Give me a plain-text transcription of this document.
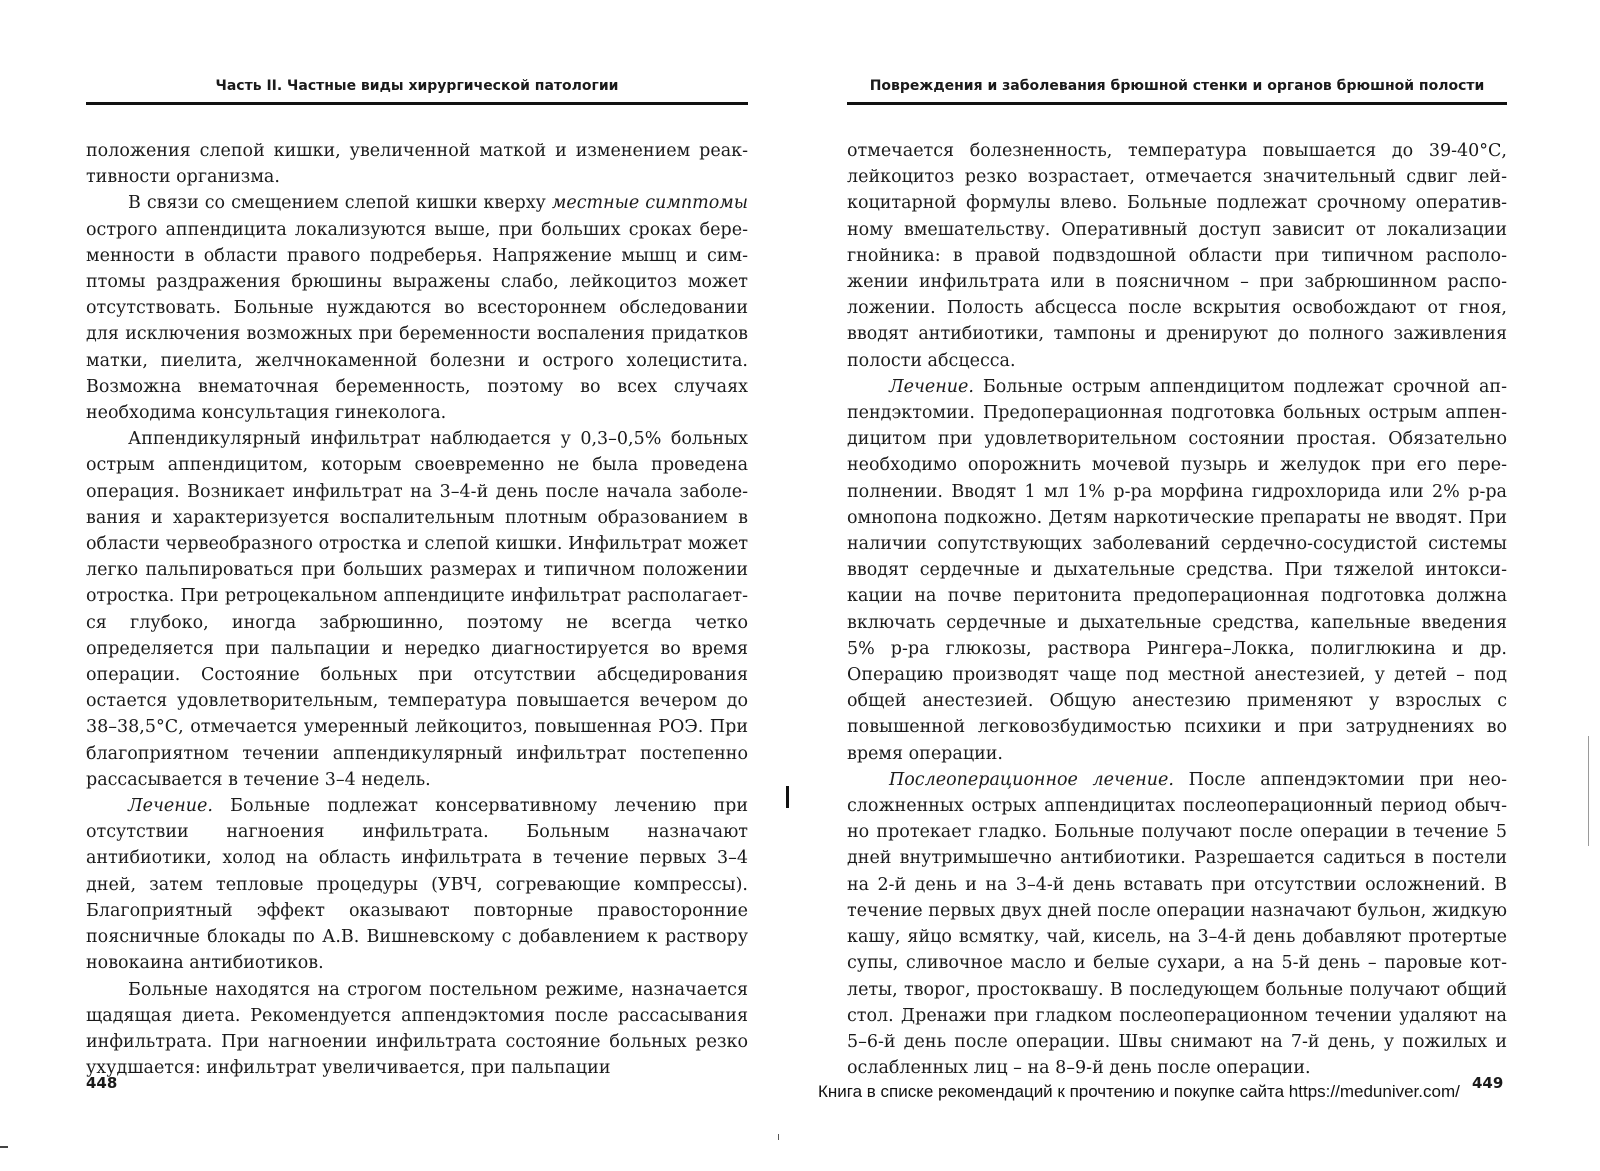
Часть II. Частные виды хирургической патологии

положения слепой кишки, увеличенной маткой и изменением реактивности организма.

В связи со смещением слепой кишки кверху местные симптомы острого аппендицита локализуются выше, при больших сроках беременности в области правого подреберья. Напряжение мышц и симптомы раздражения брюшины выражены слабо, лейкоцитоз может отсутствовать. Больные нуждаются во всестороннем обследовании для исключения возможных при беременности воспаления придатков матки, пиелита, желчнокаменной болезни и острого холецистита. Возможна внематочная беременность, поэтому во всех случаях необходима консультация гинеколога.

Аппендикулярный инфильтрат наблюдается у 0,3–0,5% больных острым аппендицитом, которым своевременно не была проведена операция. Возникает инфильтрат на 3–4-й день после начала заболевания и характеризуется воспалительным плотным образованием в области червеобразного отростка и слепой кишки. Инфильтрат может легко пальпироваться при больших размерах и типичном положении отростка. При ретроцекальном аппендиците инфильтрат располагается глубоко, иногда забрюшинно, поэтому не всегда четко определяется при пальпации и нередко диагностируется во время операции. Состояние больных при отсутствии абсцедирования остается удовлетворительным, температура повышается вечером до 38–38,5°С, отмечается умеренный лейкоцитоз, повышенная РОЭ. При благоприятном течении аппендикулярный инфильтрат постепенно рассасывается в течение 3–4 недель.

Лечение. Больные подлежат консервативному лечению при отсутствии нагноения инфильтрата. Больным назначают антибиотики, холод на область инфильтрата в течение первых 3–4 дней, затем тепловые процедуры (УВЧ, согревающие компрессы). Благоприятный эффект оказывают повторные правосторонние поясничные блокады по А.В. Вишневскому с добавлением к раствору новокаина антибиотиков.

Больные находятся на строгом постельном режиме, назначается щадящая диета. Рекомендуется аппендэктомия после рассасывания инфильтрата. При нагноении инфильтрата состояние больных резко ухудшается: инфильтрат увеличивается, при пальпации

448
Повреждения и заболевания брюшной стенки и органов брюшной полости

отмечается болезненность, температура повышается до 39-40°С, лейкоцитоз резко возрастает, отмечается значительный сдвиг лейкоцитарной формулы влево. Больные подлежат срочному оперативному вмешательству. Оперативный доступ зависит от локализации гнойника: в правой подвздошной области при типичном расположении инфильтрата или в поясничном – при забрюшинном расположении. Полость абсцесса после вскрытия освобождают от гноя, вводят антибиотики, тампоны и дренируют до полного заживления полости абсцесса.

Лечение. Больные острым аппендицитом подлежат срочной аппендэктомии. Предоперационная подготовка больных острым аппендицитом при удовлетворительном состоянии простая. Обязательно необходимо опорожнить мочевой пузырь и желудок при его переполнении. Вводят 1 мл 1% р-ра морфина гидрохлорида или 2% р-ра омнопона подкожно. Детям наркотические препараты не вводят. При наличии сопутствующих заболеваний сердечно-сосудистой системы вводят сердечные и дыхательные средства. При тяжелой интоксикации на почве перитонита предоперационная подготовка должна включать сердечные и дыхательные средства, капельные введения 5% р-ра глюкозы, раствора Рингера–Локка, полиглюкина и др. Операцию производят чаще под местной анестезией, у детей – под общей анестезией. Общую анестезию применяют у взрослых с повышенной легковозбудимостью психики и при затруднениях во время операции.

Послеоперационное лечение. После аппендэктомии при неосложненных острых аппендицитах послеоперационный период обычно протекает гладко. Больные получают после операции в течение 5 дней внутримышечно антибиотики. Разрешается садиться в постели на 2-й день и на 3–4-й день вставать при отсутствии осложнений. В течение первых двух дней после операции назначают бульон, жидкую кашу, яйцо всмятку, чай, кисель, на 3–4-й день добавляют протертые супы, сливочное масло и белые сухари, а на 5-й день – паровые котлеты, творог, простоквашу. В последующем больные получают общий стол. Дренажи при гладком послеоперационном течении удаляют на 5–6-й день после операции. Швы снимают на 7-й день, у пожилых и ослабленных лиц – на 8–9-й день после операции.

449
Книга в списке рекомендаций к прочтению и покупке сайта https://meduniver.com/
